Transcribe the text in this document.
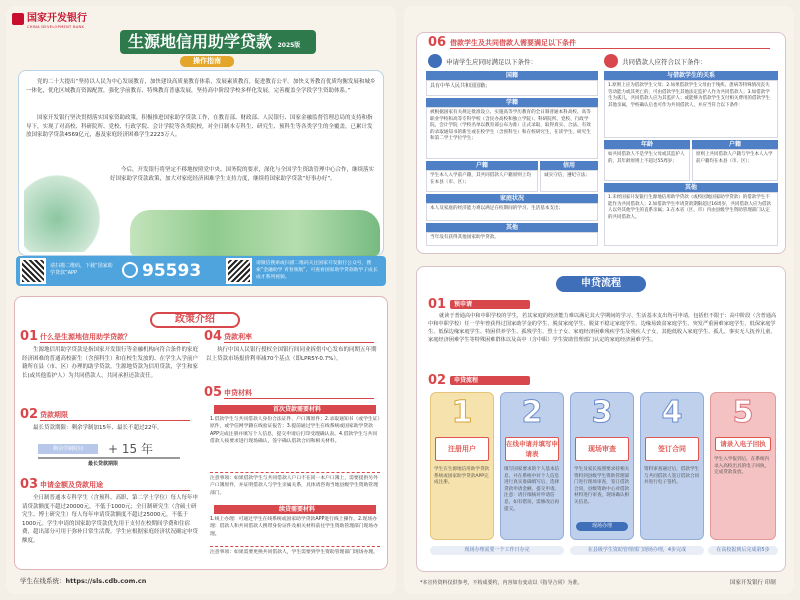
国家开发银行
CHINA DEVELOPMENT BANK
生源地信用助学贷款 2025版
操作指南
党的二十大提出“坚持以人民为中心发展教育，加快建设高质量教育体系，发展素质教育，促进教育公平。加快义务教育优质均衡发展和城乡一体化，优化区域教育资源配置，强化学前教育、特殊教育普惠发展，坚持高中阶段学校多样化发展，完善覆盖全学段学生资助体系。”
国家开发银行坚决贯彻落实国家资助政策，积极推进国家助学贷款工作，在教育部、财政部、人民银行、国家金融监督管理总局的支持和指导下，实现了对高校、科研院所、党校、行政学院、会计学院等各类院校，对全日制本专科生、研究生、预科生等各类学生的全覆盖，已累计发放国家助学贷款4569亿元，惠及家庭经济困难学生2223万人。
今后，开发银行将坚定不移地按照党中央、国务院的要求，深化与全国学生资助管理中心合作，继续落实好国家助学贷款政策，加大对家庭经济困难学生支持力度，继续将国家助学贷款“好事办好”。
请扫描二维码，下载“国家助学贷款”APP	95593	请微信搜索或扫描二维码关注国家开发银行公众号，搜索“金融助学 青春领航”，可查看国家助学贷款助学子成长成才系列视频。
政策介绍
01 什么是生源地信用助学贷款？
生源地信用助学贷款是指国家开发银行等金融机构向符合条件的家庭经济困难的普通高校新生（含预科生）和在校生发放的、在学生入学前户籍所在县（市、区）办理的助学贷款。生源地贷款为信用贷款，学生和家长(或其他监护人）为共同借款人，共同承担还款责任。
02 贷款期限
最长贷款期限：剩余学制加15年、最长不超过22年。
剩余学制时间	+ 15 年
最长贷款期限
03 申请金额及贷款用途
全日制普通本专科学生（含预科、高职、第二学士学位）每人每年申请贷款额度不超过20000元，不低于1000元；全日制研究生（含硕士研究生、博士研究生）每人每年申请贷款额度不超过25000元，不低于1000元。学生申请的国家助学贷款优先用于支付在校期间学费和住宿费，超出部分可用于弥补日常生活费。学生应根据家庭经济状况确定申贷额度。
04 贷款利率
执行中国人民银行授权全国银行间同业拆借中心发布的同期五年期以上贷款市场报价利率减70个基点（即LPR5Y-0.7%）。
05 申贷材料
首次贷款需要材料
1.借款学生与共同借款人身份合法证件、户口簿原件；2.录取通知书（或学生证）原件，或学信网学籍在线验证报告；3.提前通过学生在线系统或国家助学贷款APP完成注册并填写个人信息，提交申请后打印受理确认表。4.借款学生与共同借款人按要求进行现场确认，签字确认借款合同和相关材料。
注意事项：如果借款学生与共同借款人户口不在同一本户口簿上，需要提供另外户口簿原件，并证明借款人与学生亲属关系，具体请咨询当地县级学生资助管理部门。
续贷需要材料
1.线上办理：可通过学生在线系统或国家助学贷款APP进行线上操作。2.现场办理：借款人和共同借款人携带身份证件及相关材料前往学生资助管理部门现场办理。
注意事项：如果需要更换共同借款人，学生需要到学生资助管理部门现场办理。
学生在线系统：https://sls.cdb.com.cn
06 借款学生及共同借款人需要满足以下条件
申请学生应同时满足以下条件：	共同借款人应符合以下条件：
国籍
具有中华人民共和国国籍；
学籍
被根据国家有关规定批准设立、实施高等学历教育的全日制普通本科高校、高等职业学校和高等专科学校（含民办高校和独立学院）、科研院所、党校、行政学院、会计学院（学校名单以教育部公布为准）正式录取，取得真实、合法、有效的录取通知书的新生或在校学生（含预科生）和在校研究生，在读学生、研究生和第二学士学位学生；
户籍
学生本人入学前户籍，其共同借款人户籍原则上均在本县（市、区）；
信用
诚实守信，遵纪守法；
家庭状况
本人及家庭的经济能力难以满足在校期间的学习、生活基本支出；
其他
当年没有获得其他国家助学贷款。
与借款学生的关系
1.原则上应为借款学生父母；2.如果借款学生父母由于残疾、患病等特殊情况丧失劳动能力或其死亡的，可由借款学生其他法定监护人作为共同借款人；3.如借款学生为孤儿，共同借款人应为其监护人；或能够为借款学生支付相关费用的借款学生其他亲属，学校确认后也可作为共同借款人，并应当符合以下条件：
年龄
如共同借款人不是学生父母或其监护人的，其年龄原则上不超过55周岁；
户籍
原则上共同借款人户籍与学生本人入学前户籍均在本县（市、区）；
其他
1.未经国家开发银行生源地信用助学贷款（或校园地国家助学贷款）的借款学生不能作为共同借款人；2.如借款学生申请贷款期限超过16周岁，共同借款人应为借款人以外其他学生的直系亲属；3.在本省（区、市）内由县级学生资助管理部门认定的共同借款人。
申贷流程
01	预申请
就读于普通高中和中职学校的学生，若其家庭的经济能力难以满足其大学期间的学习、生活基本支出均可申请，包括但不限于：高中阶段（含普通高中和中职学校）任一学年曾获得过国家助学金的学生、脱贫家庭学生、脱贫不稳定家庭学生、边缘易致贫家庭学生、突发严重困难家庭学生、低保家庭学生、低保边缘家庭学生、特困供养学生、孤残学生、烈士子女、家庭经济困难残疾学生及残疾人子女、其他低收入家庭学生、孤儿、事实无人抚养儿童、家庭经济困难学生等特殊困难群体以及高中（含中职）学生资助管理部门认定的家庭经济困难学生。
02	申贷流程
1
注册用户
学生在生源地信用助学贷款系统或国家助学贷款APP完成注册。
2
在线申请并填写申请表
填写国家要求的个人基本信息，并在系统中对个人信息进行真实准确填写后，选择贷款申请金额，提交申请。注意：请仔细核对申请信息，如有错误，需修改后再提交。
3
现场审查
学生及家长按照要求持相关资料到县级学生资助管理部门进行现场审查，签订借款合同，县级资助中心对借款材料进行审查，现场确认相关信息。
4
签订合同
资料审查通过后，借款学生与共同借款人签订借款合同并进行电子签约。
5
请录入电子回执
学生入学报到后，在系统内录入高校出具的电子回执，完成贷款发放。
现场办理
现场办理需要一个工作日办完	在县级学生资助管理部门现场办理，4步完成	在高校报到后完成第5步
*本宣传资料仅供参考，不构成要约，内容如有变动以《指导合同》为准。	国家开发银行 印制
